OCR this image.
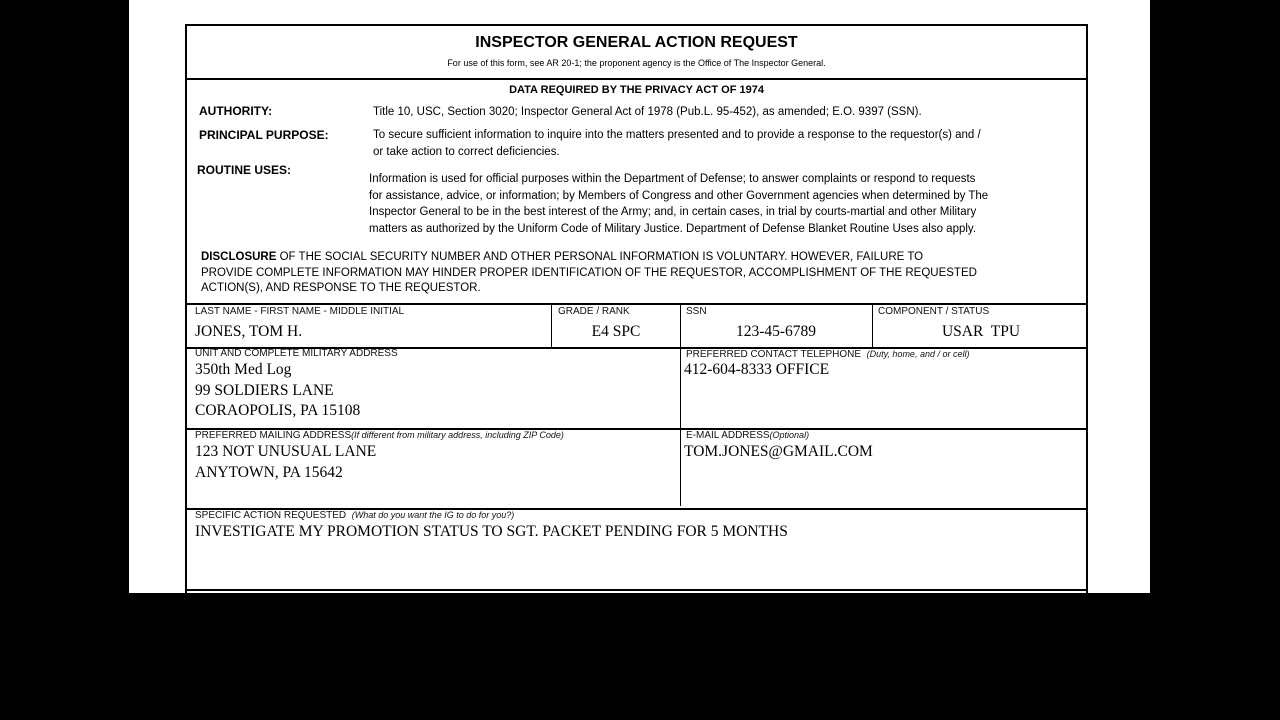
INSPECTOR GENERAL ACTION REQUEST
For use of this form, see AR 20-1; the proponent agency is the Office of The Inspector General.
DATA REQUIRED BY THE PRIVACY ACT OF 1974
AUTHORITY:	Title 10, USC, Section 3020; Inspector General Act of 1978 (Pub.L. 95-452), as amended; E.O. 9397 (SSN).
PRINCIPAL PURPOSE:	To secure sufficient information to inquire into the matters presented and to provide a response to the requestor(s) and /
or take action to correct deficiencies.
ROUTINE USES:
Information is used for official purposes within the Department of Defense; to answer complaints or respond to requests
for assistance, advice, or information; by Members of Congress and other Government agencies when determined by The
Inspector General to be in the best interest of the Army; and, in certain cases, in trial by courts-martial and other Military
matters as authorized by the Uniform Code of Military Justice. Department of Defense Blanket Routine Uses also apply.
DISCLOSURE OF THE SOCIAL SECURITY NUMBER AND OTHER PERSONAL INFORMATION IS VOLUNTARY. HOWEVER, FAILURE TO
PROVIDE COMPLETE INFORMATION MAY HINDER PROPER IDENTIFICATION OF THE REQUESTOR, ACCOMPLISHMENT OF THE REQUESTED
ACTION(S), AND RESPONSE TO THE REQUESTOR.
LAST NAME - FIRST NAME - MIDDLE INITIAL
JONES, TOM H.
GRADE / RANK
E4 SPC
SSN
123-45-6789
COMPONENT / STATUS
USAR  TPU
UNIT AND COMPLETE MILITARY ADDRESS
350th Med Log
99 SOLDIERS LANE
CORAOPOLIS, PA 15108
PREFERRED CONTACT TELEPHONE (Duty, home, and / or cell)
412-604-8333 OFFICE
PREFERRED MAILING ADDRESS(If different from military address, including ZIP Code)
123 NOT UNUSUAL LANE
ANYTOWN, PA 15642
E-MAIL ADDRESS(Optional)
TOM.JONES@GMAIL.COM
SPECIFIC ACTION REQUESTED (What do you want the IG to do for you?)
INVESTIGATE MY PROMOTION STATUS TO SGT. PACKET PENDING FOR 5 MONTHS
